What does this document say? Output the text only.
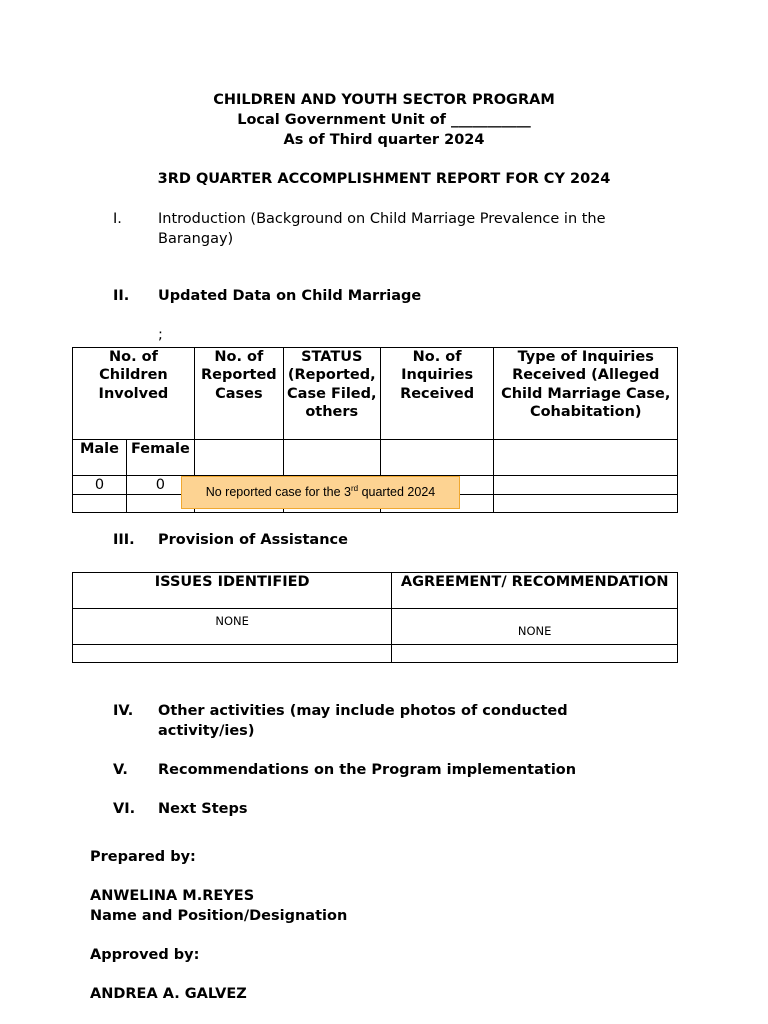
CHILDREN AND YOUTH SECTOR PROGRAM
Local Government Unit of ___________
As of Third quarter 2024
3RD QUARTER ACCOMPLISHMENT REPORT FOR CY 2024
I. Introduction (Background on Child Marriage Prevalence in the Barangay)
II. Updated Data on Child Marriage
;
No. of Children Involved		No. of Reported Cases	STATUS (Reported, Case Filed, others	No. of Inquiries Received	Type of Inquiries Received (Alleged Child Marriage Case, Cohabitation)
Male	Female				
0	0				
						No reported case for the 3rd quarted 2024
III. Provision of Assistance
ISSUES IDENTIFIED	AGREEMENT/ RECOMMENDATION
NONE	NONE

IV. Other activities (may include photos of conducted activity/ies)
V. Recommendations on the Program implementation
VI. Next Steps
Prepared by:
ANWELINA M.REYES
Name and Position/Designation
Approved by:
ANDREA A. GALVEZ
